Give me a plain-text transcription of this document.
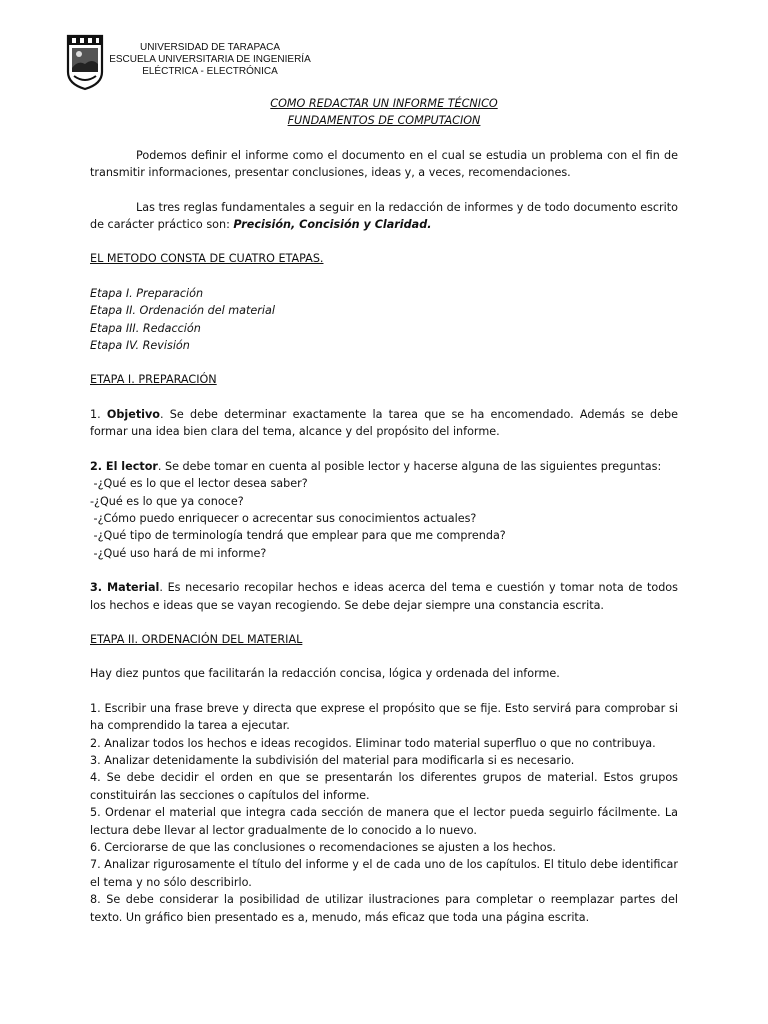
UNIVERSIDAD DE TARAPACA
ESCUELA UNIVERSITARIA DE INGENIERÍA
ELÉCTRICA - ELECTRÓNICA
COMO REDACTAR UN INFORME TÉCNICO
FUNDAMENTOS DE COMPUTACION

Podemos definir el informe como el documento en el cual se estudia un problema con el fin de transmitir informaciones, presentar conclusiones, ideas y, a veces, recomendaciones.

Las tres reglas fundamentales a seguir en la redacción de informes y de todo documento escrito de carácter práctico son: Precisión, Concisión y Claridad.

EL METODO CONSTA DE CUATRO ETAPAS.

Etapa I. Preparación

Etapa II. Ordenación del material

Etapa III. Redacción

Etapa IV. Revisión

ETAPA I. PREPARACIÓN

1. Objetivo. Se debe determinar exactamente la tarea que se ha encomendado. Además se debe formar una idea bien clara del tema, alcance y del propósito del informe.

2. El lector. Se debe tomar en cuenta al posible lector y hacerse alguna de las siguientes preguntas:

-¿Qué es lo que el lector desea saber?

-¿Qué es lo que ya conoce?

-¿Cómo puedo enriquecer o acrecentar sus conocimientos actuales?

-¿Qué tipo de terminología tendrá que emplear para que me comprenda?

-¿Qué uso hará de mi informe?

3. Material. Es necesario recopilar hechos e ideas acerca del tema e cuestión y tomar nota de todos los hechos e ideas que se vayan recogiendo. Se debe dejar siempre una constancia escrita.

ETAPA II. ORDENACIÓN DEL MATERIAL

Hay diez puntos que facilitarán la redacción concisa, lógica y ordenada del informe.

1. Escribir una frase breve y directa que exprese el propósito que se fije. Esto servirá para comprobar si ha comprendido la tarea a ejecutar.

2. Analizar todos los hechos e ideas recogidos. Eliminar todo material superfluo o que no contribuya.

3. Analizar detenidamente la subdivisión del material para modificarla si es necesario.

4. Se debe decidir el orden en que se presentarán los diferentes grupos de material. Estos grupos constituirán las secciones o capítulos del informe.

5. Ordenar el material que integra cada sección de manera que el lector pueda seguirlo fácilmente. La lectura debe llevar al lector gradualmente de lo conocido a lo nuevo.

6. Cerciorarse de que las conclusiones o recomendaciones se ajusten a los hechos.

7. Analizar rigurosamente el título del informe y el de cada uno de los capítulos. El titulo debe identificar el tema y no sólo describirlo.

8. Se debe considerar la posibilidad de utilizar ilustraciones para completar o reemplazar partes del texto. Un gráfico bien presentado es a, menudo, más eficaz que toda una página escrita.
